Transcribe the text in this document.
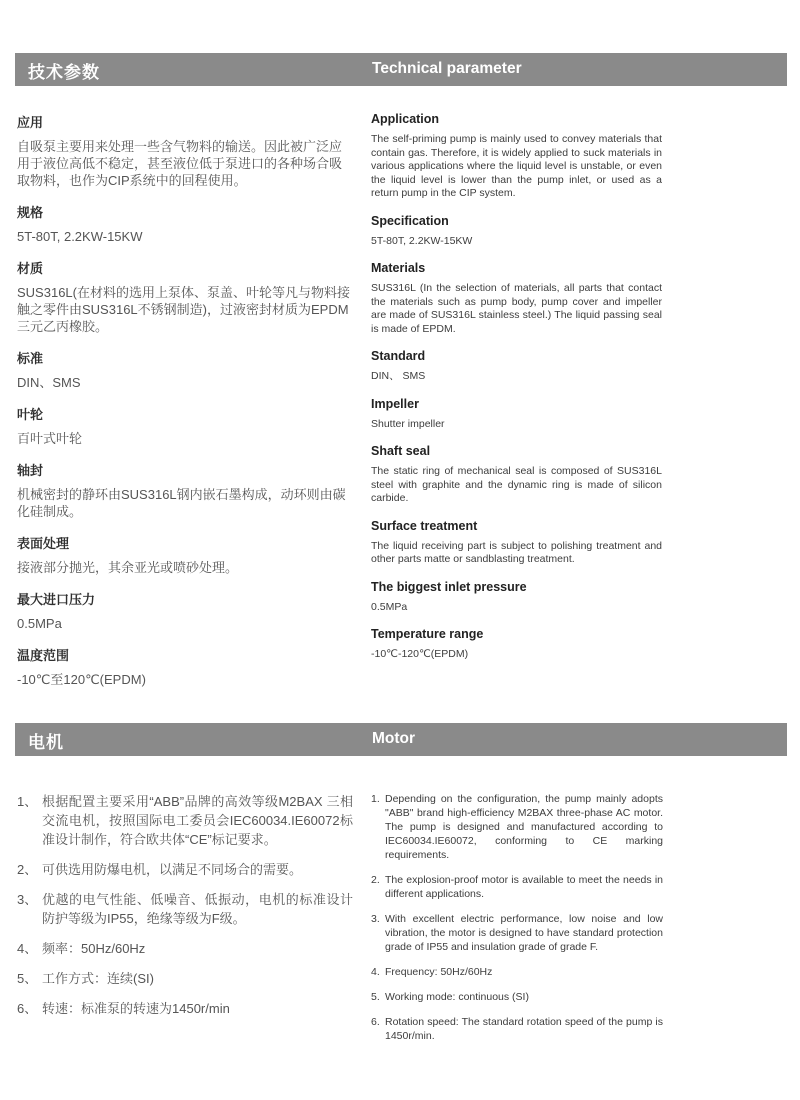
技术参数	Technical parameter
应用

自吸泵主要用来处理一些含气物料的输送。因此被广泛应用于液位高低不稳定，甚至液位低于泵进口的各种场合吸取物料，也作为CIP系统中的回程使用。

规格

5T-80T, 2.2KW-15KW

材质

SUS316L(在材料的选用上泵体、泵盖、叶轮等凡与物料接触之零件由SUS316L不锈钢制造)，过液密封材质为EPDM三元乙丙橡胶。

标准

DIN、SMS

叶轮

百叶式叶轮

轴封

机械密封的静环由SUS316L钢内嵌石墨构成，动环则由碳化硅制成。

表面处理

接液部分抛光，其余亚光或喷砂处理。

最大进口压力

0.5MPa

温度范围

-10℃至120℃(EPDM)

Application

The self-priming pump is mainly used to convey materials that contain gas. Therefore, it is widely applied to suck materials in various applications where the liquid level is unstable, or even the liquid level is lower than the pump inlet, or used as a return pump in the CIP system.

Specification

5T-80T, 2.2KW-15KW

Materials

SUS316L (In the selection of materials, all parts that contact the materials such as pump body, pump cover and impeller are made of SUS316L stainless steel.) The liquid passing seal is made of EPDM.

Standard

DIN、 SMS

Impeller

Shutter impeller

Shaft seal

The static ring of mechanical seal is composed of SUS316L steel with graphite and the dynamic ring is made of silicon carbide.

Surface treatment

The liquid receiving part is subject to polishing treatment and other parts matte or sandblasting treatment.

The biggest inlet pressure

0.5MPa

Temperature range

-10℃-120℃(EPDM)

电机	Motor
1、 根据配置主要采用“ABB”品牌的高效等级M2BAX 三相交流电机，按照国际电工委员会IEC60034.IE60072标准设计制作，符合欧共体“CE”标记要求。
2、 可供选用防爆电机，以满足不同场合的需要。
3、 优越的电气性能、低噪音、低振动，电机的标准设计防护等级为IP55，绝缘等级为F级。
4、 频率：50Hz/60Hz
5、 工作方式：连续(SI)
6、 转速：标准泵的转速为1450r/min
1. Depending on the configuration, the pump mainly adopts "ABB" brand high-efficiency M2BAX three-phase AC motor. The pump is designed and manufactured according to IEC60034.IE60072, conforming to CE marking requirements.
2. The explosion-proof motor is available to meet the needs in different applications.
3. With excellent electric performance, low noise and low vibration, the motor is designed to have standard protection grade of IP55 and insulation grade of grade F.
4. Frequency: 50Hz/60Hz
5. Working mode: continuous (SI)
6. Rotation speed: The standard rotation speed of the pump is 1450r/min.
